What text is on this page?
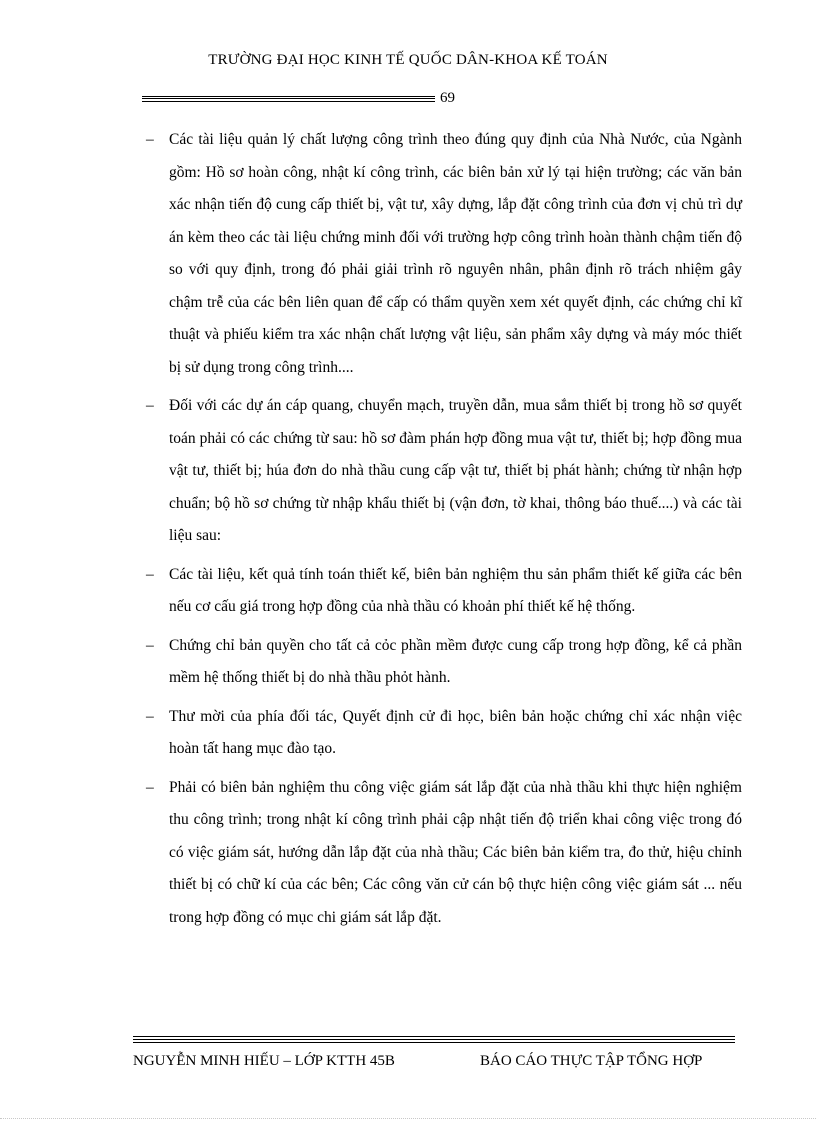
TRƯỜNG ĐẠI HỌC KINH TẾ QUỐC DÂN-KHOA KẾ TOÁN
69
– Các tài liệu quản lý chất lượng công trình theo đúng quy định của Nhà Nước, của Ngành gồm: Hồ sơ hoàn công, nhật kí công trình, các biên bản xử lý tại hiện trường; các văn bản xác nhận tiến độ cung cấp thiết bị, vật tư, xây dựng, lắp đặt công trình của đơn vị chủ trì dự án kèm theo các tài liệu chứng minh đối với trường hợp công trình hoàn thành chậm tiến độ so với quy định, trong đó phải giải trình rõ nguyên nhân, phân định rõ trách nhiệm gây chậm trễ của các bên liên quan để cấp có thẩm quyền xem xét quyết định, các chứng chỉ kĩ thuật và phiếu kiểm tra xác nhận chất lượng vật liệu, sản phẩm xây dựng và máy móc thiết bị sử dụng trong công trình....
– Đối với các dự án cáp quang, chuyển mạch, truyền dẫn, mua sắm thiết bị trong hồ sơ quyết toán phải có các chứng từ sau: hồ sơ đàm phán hợp đồng mua vật tư, thiết bị; hợp đồng mua vật tư, thiết bị; húa đơn do nhà thầu cung cấp vật tư, thiết bị phát hành; chứng từ nhận hợp chuẩn; bộ hồ sơ chứng từ nhập khẩu thiết bị (vận đơn, tờ khai, thông báo thuế....) và các tài liệu sau:
– Các tài liệu, kết quả tính toán thiết kế, biên bản nghiệm thu sản phẩm thiết kế giữa các bên nếu cơ cấu giá trong hợp đồng của nhà thầu có khoản phí thiết kế hệ thống.
– Chứng chỉ bản quyền cho tất cả cỏc phần mềm được cung cấp trong hợp đồng, kể cả phần mềm hệ thống thiết bị do nhà thầu phỏt hành.
– Thư mời của phía đối tác, Quyết định cử đi học, biên bản hoặc chứng chỉ xác nhận việc hoàn tất hang mục đào tạo.
– Phải có biên bản nghiệm thu công việc giám sát lắp đặt của nhà thầu khi thực hiện nghiệm thu công trình; trong nhật kí công trình phải cập nhật tiến độ triển khai công việc trong đó có việc giám sát, hướng dẫn lắp đặt của nhà thầu; Các biên bản kiểm tra, đo thử, hiệu chỉnh thiết bị có chữ kí của các bên; Các công văn cử cán bộ thực hiện công việc giám sát ... nếu trong hợp đồng có mục chi giám sát lắp đặt.
NGUYỄN MINH HIẾU – LỚP KTTH 45B	BÁO CÁO THỰC TẬP TỔNG HỢP
